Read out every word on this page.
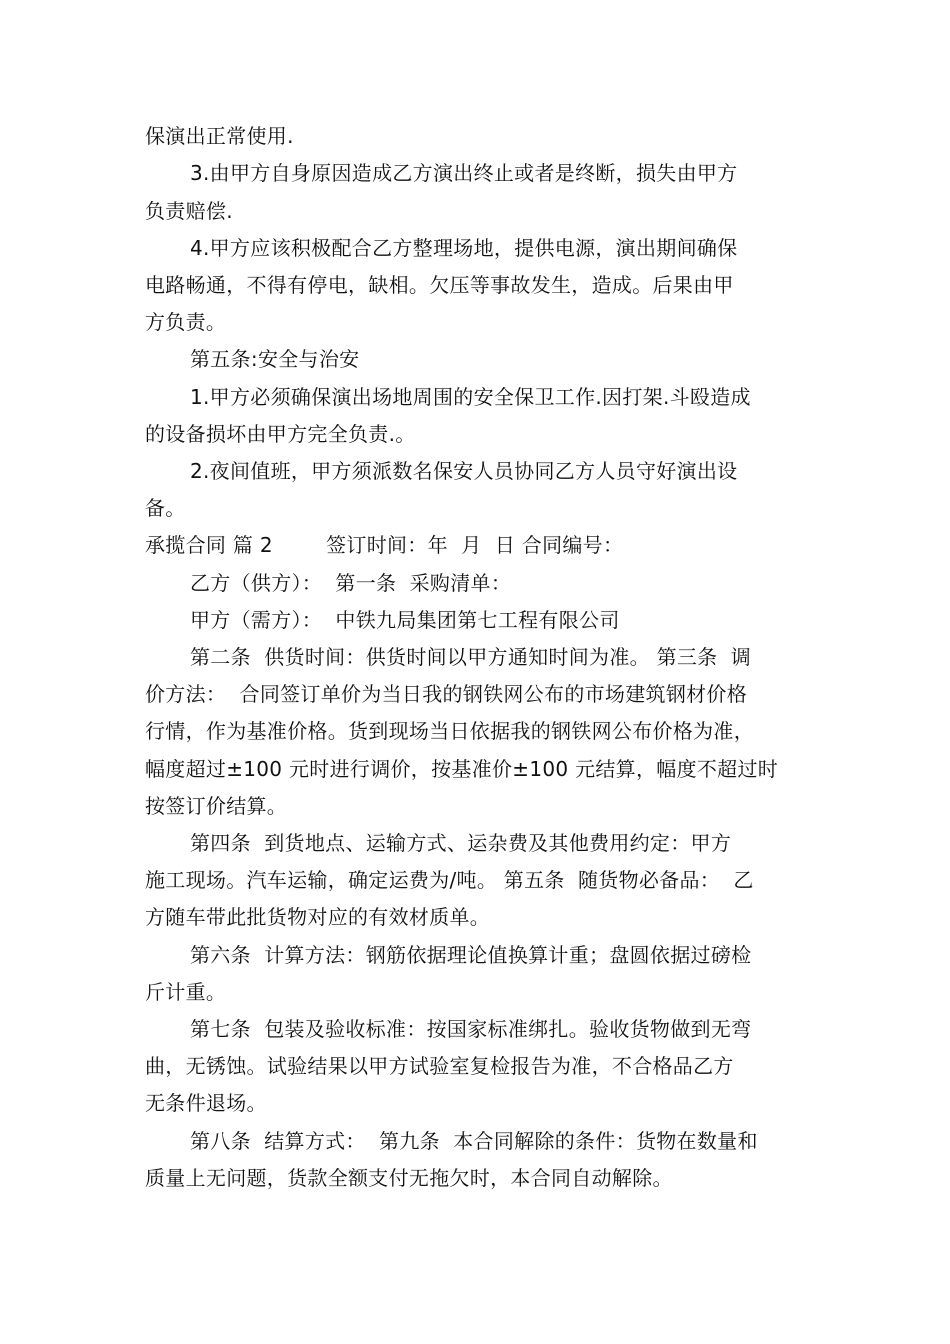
保演出正常使用.

3.由甲方自身原因造成乙方演出终止或者是终断，损失由甲方

负责赔偿.

4.甲方应该积极配合乙方整理场地，提供电源，演出期间确保

电路畅通，不得有停电，缺相。欠压等事故发生，造成。后果由甲

方负责。

第五条:安全与治安

1.甲方必须确保演出场地周围的安全保卫工作.因打架.斗殴造成

的设备损坏由甲方完全负责.。

2.夜间值班，甲方须派数名保安人员协同乙方人员守好演出设

备。

承揽合同 篇 2        签订时间：年  月  日 合同编号：

乙方（供方）：  第一条  采购清单：

甲方（需方）：  中铁九局集团第七工程有限公司

第二条  供货时间：供货时间以甲方通知时间为准。 第三条  调

价方法：  合同签订单价为当日我的钢铁网公布的市场建筑钢材价格

行情，作为基准价格。货到现场当日依据我的钢铁网公布价格为准，

幅度超过±100 元时进行调价，按基准价±100 元结算，幅度不超过时

按签订价结算。

第四条  到货地点、运输方式、运杂费及其他费用约定：甲方

施工现场。汽车运输，确定运费为/吨。 第五条  随货物必备品：  乙

方随车带此批货物对应的有效材质单。

第六条  计算方法：钢筋依据理论值换算计重；盘圆依据过磅检

斤计重。

第七条  包装及验收标准：按国家标准绑扎。验收货物做到无弯

曲，无锈蚀。试验结果以甲方试验室复检报告为准，不合格品乙方

无条件退场。

第八条  结算方式：  第九条  本合同解除的条件：货物在数量和

质量上无问题，货款全额支付无拖欠时，本合同自动解除。
